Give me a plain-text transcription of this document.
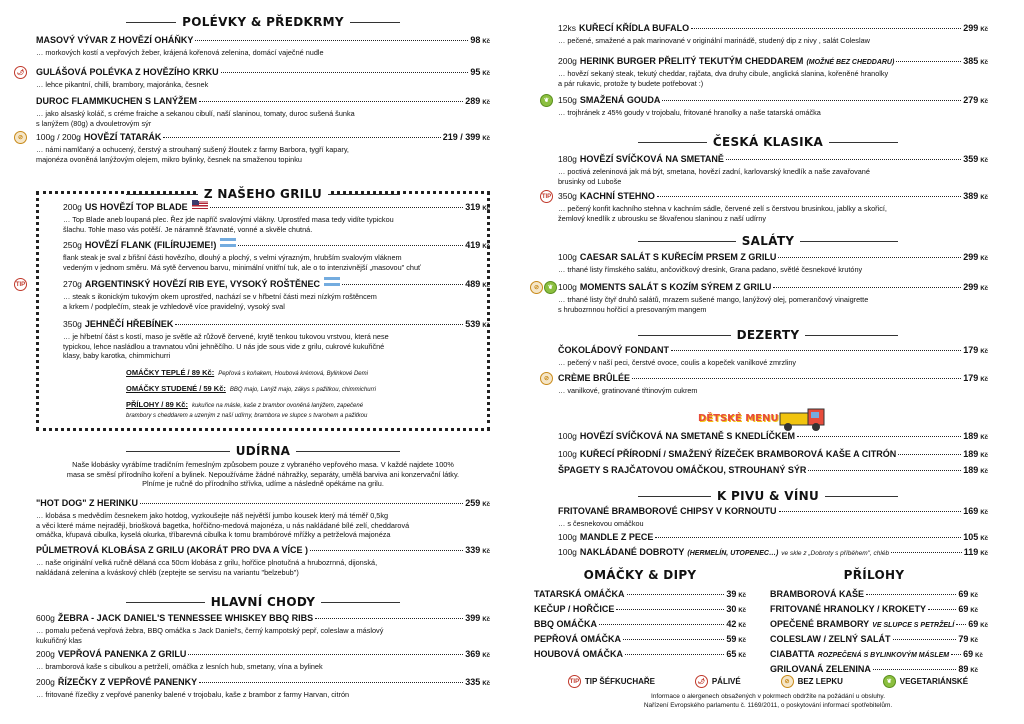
POLÉVKY & PŘEDKRMY
MASOVÝ VÝVAR Z HOVĚZÍ OHÁŇKY	98 Kč
… morkových kostí a vepřových žeber, krájená kořenová zelenina, domácí vaječné nudle
GULÁŠOVÁ POLÉVKA Z HOVĚZÍHO KRKU	95 Kč
… lehce pikantní, chilli, brambory, majoránka, česnek
DUROC FLAMMKUCHEN S LANÝŽEM	289 Kč
… jako alsaský koláč, s créme fraiche a sekanou cibulí, naší slaninou, tomaty, duroc sušená šunka
s lanýžem (80g) a dvouletrovým sýr
100g / 200g HOVĚZÍ TATARÁK	219 / 399 Kč
… námi namlčaný a ochucený, čerstvý a strouhaný sušený žloutek z farmy Barbora, tygří kapary,
majonéza ovoněná lanýžovým olejem, mikro bylinky, česnek na smaženou topinku
Z NAŠEHO GRILU
200g US HOVĚZÍ TOP BLADE	319 Kč
… Top Blade aneb loupaná plec. Řez jde napříč svalovými vlákny. Uprostřed masa tedy vidíte typickou
šlachu. Tohle maso vás potěší. Je náramně šťavnaté, vonné a skvěle chutná.
250g HOVĚZÍ FLANK (FILÍRUJEME!)	419 Kč
flank steak je sval z břišní části hovězího, dlouhý a plochý, s velmi výrazným, hrubším svalovým vláknem
vedeným v jednom směru. Má sytě červenou barvu, minimální vnitřní tuk, ale o to intenzivnější „masovou" chuť
270g ARGENTINSKÝ HOVĚZÍ RIB EYE, VYSOKÝ ROŠTĚNEC	489 Kč
… steak s ikonickým tukovým okem uprostřed, nachází se v hřbetní části mezi nízkým roštěncem
a krkem / podplečím, steak je vzhledově více pravidelný, vysoký sval
350g JEHNĚČÍ HŘEBÍNEK	539 Kč
… je hřbetní část s kostí, maso je světle až růžově červené, krytě tenkou tukovou vrstvou, která nese
typickou, lehce nasládlou a travnatou vůni jehněčího. U nás jde sous vide z grilu, cukrové kukuřičné
klasy, baby karotka, chimmichurri
OMÁČKY TEPLÉ / 89 Kč: Pepřová s koňakem, Houbová krémová, Bylinkové Demi
OMÁČKY STUDENÉ / 59 Kč: BBQ majo, Lanýž majo, zákys s pažitkou, chimmichurri
PŘÍLOHY / 89 Kč: kukuřice na másle, kaše z brambor ovoněná lanýžem, zapečené
brambory s cheddarem a uzeným z naší udírny, brambora ve slupce s tvarohem a pažitkou
UDÍRNA
Naše klobásky vyrábíme tradičním řemeslným způsobem pouze z vybraného vepřového masa. V každé najdete 100%
masa se směsí přírodního koření a bylinek. Nepoužíváme žádné náhražky, separáty, umělá barviva ani konzervační látky.
Plníme je ručně do přírodního střívka, udíme a následně opékáme na grilu.
"HOT DOG" Z HERINKU	259 Kč
… klobása s medvědím česnekem jako hotdog, vyzkoušejte náš největší jumbo kousek který má téměř 0,5kg
a věci které máme nejraději, briošková bagetka, hořčično-medová majonéza, u nás nakládané bílé zelí, cheddarová
omáčka, křupavá cibulka, kyselá okurka, tříbarevná cibulka k tomu brambórové mřížky a petrželová majonéza
PŮLMETROVÁ KLOBÁSA Z GRILU (AKORÁT PRO DVA A VÍCE )	339 Kč
… naše originální velká ručně dělaná cca 50cm klobása z grilu, hořčice plnotučná a hrubozrnná, dijonská,
nakládaná zelenina a kváskový chléb (zeptejte se servisu na variantu "belzebub")
HLAVNÍ CHODY
600g ŽEBRA - JACK DANIEL'S TENNESSEE WHISKEY BBQ RIBS	399 Kč
… pomalu pečená vepřová žebra, BBQ omáčka s Jack Daniel's, černý kampotský pepř, coleslaw a máslový
kukuřičný klas
200g VEPŘOVÁ PANENKA Z GRILU	369 Kč
… bramborová kaše s cibulkou a petrželí, omáčka z lesních hub, smetany, vína a bylinek
200g ŘÍZEČKY Z VEPŘOVÉ PANENKY	335 Kč
… fritované řízečky z vepřové panenky balené v trojobalu, kaše z brambor z farmy Harvan, citrón
🌶
⊘
TIP
12ks KUŘECÍ KŘÍDLA BUFALO	299 Kč
… pečené, smažené a pak marinované v originální marinádě, studený dip z nivy , salát Coleslaw
200g HERINK BURGER PŘELITÝ TEKUTÝM CHEDDAREM (MOŽNÉ BEZ CHEDDARU)	385 Kč
… hovězí sekaný steak, tekutý cheddar, rajčata, dva druhy cibule, anglická slanina, kořeněné hranolky
a pár rukavic, protože ty budete potřebovat :)
150g SMAŽENÁ GOUDA	279 Kč
… trojhránek z 45% goudy v trojobalu, fritované hranolky a naše tatarská omáčka
ČESKÁ KLASIKA
180g HOVĚZÍ SVÍČKOVÁ NA SMETANĚ	359 Kč
… poctivá zeleninová jak má být, smetana, hovězí zadní, karlovarský knedlík a naše zavařované
brusinky od Luboše
350g KACHNÍ STEHNO	389 Kč
… pečený konfit kachního stehna v kachním sádle, červené zelí s čerstvou brusinkou, jablky a skořicí,
žemlový knedlík z ubrousku se škvařenou slaninou z naší udírny
SALÁTY
100g CAESAR SALÁT S KUŘECÍM PRSEM Z GRILU	299 Kč
… trhané listy římského salátu, ančovičkový dresink, Grana padano, světlé česnekové krutóny
100g MOMENTS SALÁT S KOZÍM SÝREM Z GRILU	299 Kč
… trhané listy čtyř druhů salátů, mrazem sušené mango, lanýžový olej, pomerančový vinaigrette
s hrubozrnnou hořčicí a presovaným mangem
DEZERTY
ČOKOLÁDOVÝ FONDANT	179 Kč
… pečený v naší peci, čerstvé ovoce, coulis a kopeček vanilkové zmrzliny
CRÈME BRÛLÉE	179 Kč
… vanilkové, gratinované třtinovým cukrem
100g HOVĚZÍ SVÍČKOVÁ NA SMETANĚ S KNEDLÍČKEM	189 Kč
100g KUŘECÍ PŘÍRODNÍ / SMAŽENÝ ŘÍZEČEK BRAMBOROVÁ KAŠE A CITRÓN	189 Kč
ŠPAGETY S RAJČATOVOU OMÁČKOU, STROUHANÝ SÝR	189 Kč
K PIVU & VÍNU
FRITOVANÉ BRAMBOROVÉ CHIPSY V KORNOUTU	169 Kč
… s česnekovou omáčkou
100g MANDLE Z PECE	105 Kč
100g NAKLÁDANÉ DOBROTY (HERMELÍN, UTOPENEC…) ve skle z „Dobroty s příběhem", chléb	119 Kč
❦
TIP
⊘	❦
⊘
DĚTSKÉ MENU
OMÁČKY & DIPY
TATARSKÁ OMÁČKA	39 Kč
KEČUP / HOŘČICE	30 Kč
BBQ OMÁČKA	42 Kč
PEPŘOVÁ OMÁČKA	59 Kč
HOUBOVÁ OMÁČKA	65 Kč
PŘÍLOHY
BRAMBOROVÁ KAŠE	69 Kč
FRITOVANÉ HRANOLKY / KROKETY	69 Kč
OPEČENÉ BRAMBORY VE SLUPCE S PETRŽELÍ 69 Kč
COLESLAW / ZELNÝ SALÁT	79 Kč
CIABATTA ROZPEČENÁ S BYLINKOVÝM MÁSLEM 69 Kč
GRILOVANÁ ZELENINA	89 Kč
TIP TIP ŠÉFKUCHAŘE	🌶 PÁLIVÉ	⊘ BEZ LEPKU	❦ VEGETARIÁNSKÉ
Informace o alergenech obsažených v pokrmech obdržíte na požádání u obsluhy.
Nařízení Evropského parlamentu č. 1169/2011, o poskytování informací spotřebitelům.
